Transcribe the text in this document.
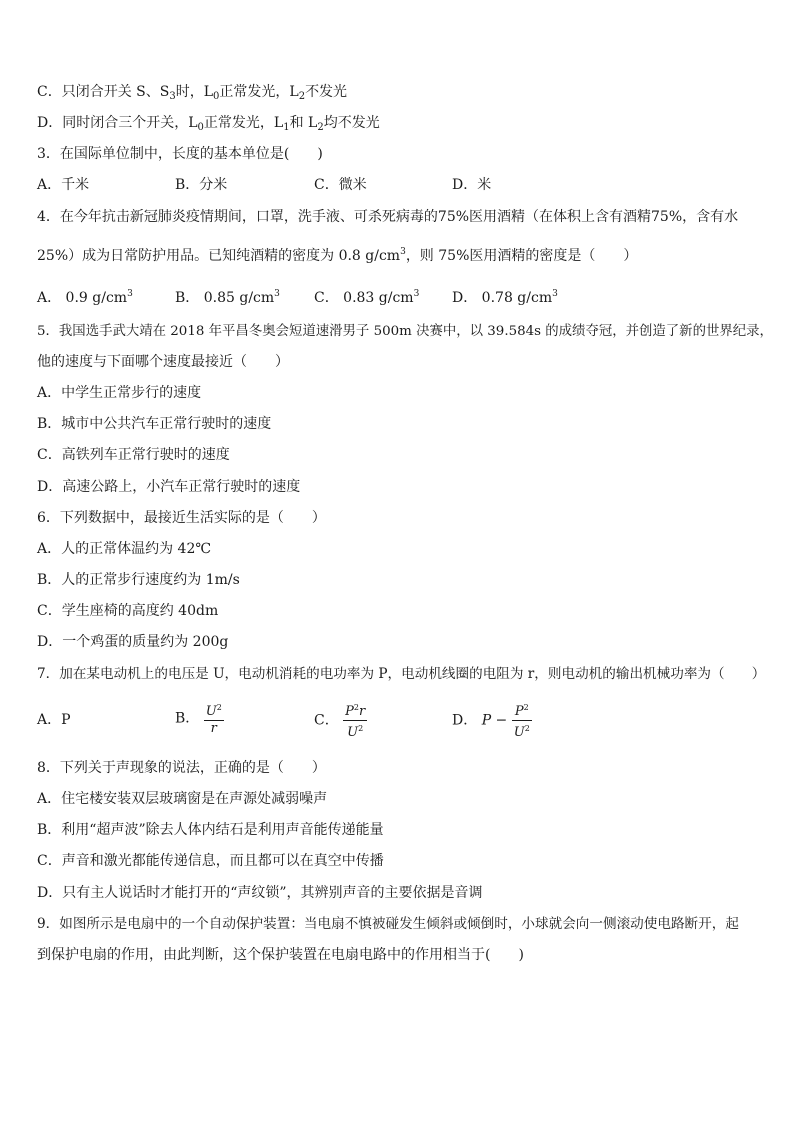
C．只闭合开关 S、$S_3$时，$L_0$正常发光，$L_2$不发光
D．同时闭合三个开关，$L_0$正常发光，$L_1$和 $L_2$均不发光
3．在国际单位制中，长度的基本单位是(　　)
A．千米	B．分米	C．微米	D．米
4．在今年抗击新冠肺炎疫情期间，口罩，洗手液、可杀死病毒的75%医用酒精（在体积上含有酒精75%，含有水
25%）成为日常防护用品。已知纯酒精的密度为 0.8 $g/cm^3$，则 75%医用酒精的密度是（　　）
A． 0.9 $g/cm^3$	B． 0.85 $g/cm^3$ C． 0.83 $g/cm^3$ D． 0.78 $g/cm^3$
5．我国选手武大靖在 2018 年平昌冬奥会短道速滑男子 500m 决赛中，以 39.584s 的成绩夺冠，并创造了新的世界纪录，
他的速度与下面哪个速度最接近（　　）
A．中学生正常步行的速度
B．城市中公共汽车正常行驶时的速度
C．高铁列车正常行驶时的速度
D．高速公路上，小汽车正常行驶时的速度
6．下列数据中，最接近生活实际的是（　　）
A．人的正常体温约为 42℃
B．人的正常步行速度约为 1m/s
C．学生座椅的高度约 40dm
D．一个鸡蛋的质量约为 200g
7．加在某电动机上的电压是 U，电动机消耗的电功率为 P，电动机线圈的电阻为 r，则电动机的输出机械功率为（　　）
A．P	B． $\frac{U^2}{r}$	C． $\frac{P^2r}{U^2}$	D． $P - \frac{P^2}{U^2}$
8．下列关于声现象的说法，正确的是（　　）
A．住宅楼安装双层玻璃窗是在声源处减弱噪声
B．利用“超声波”除去人体内结石是利用声音能传递能量
C．声音和激光都能传递信息，而且都可以在真空中传播
D．只有主人说话时才能打开的“声纹锁”，其辨别声音的主要依据是音调
9．如图所示是电扇中的一个自动保护装置：当电扇不慎被碰发生倾斜或倾倒时，小球就会向一侧滚动使电路断开，起
到保护电扇的作用，由此判断，这个保护装置在电扇电路中的作用相当于(　　)
